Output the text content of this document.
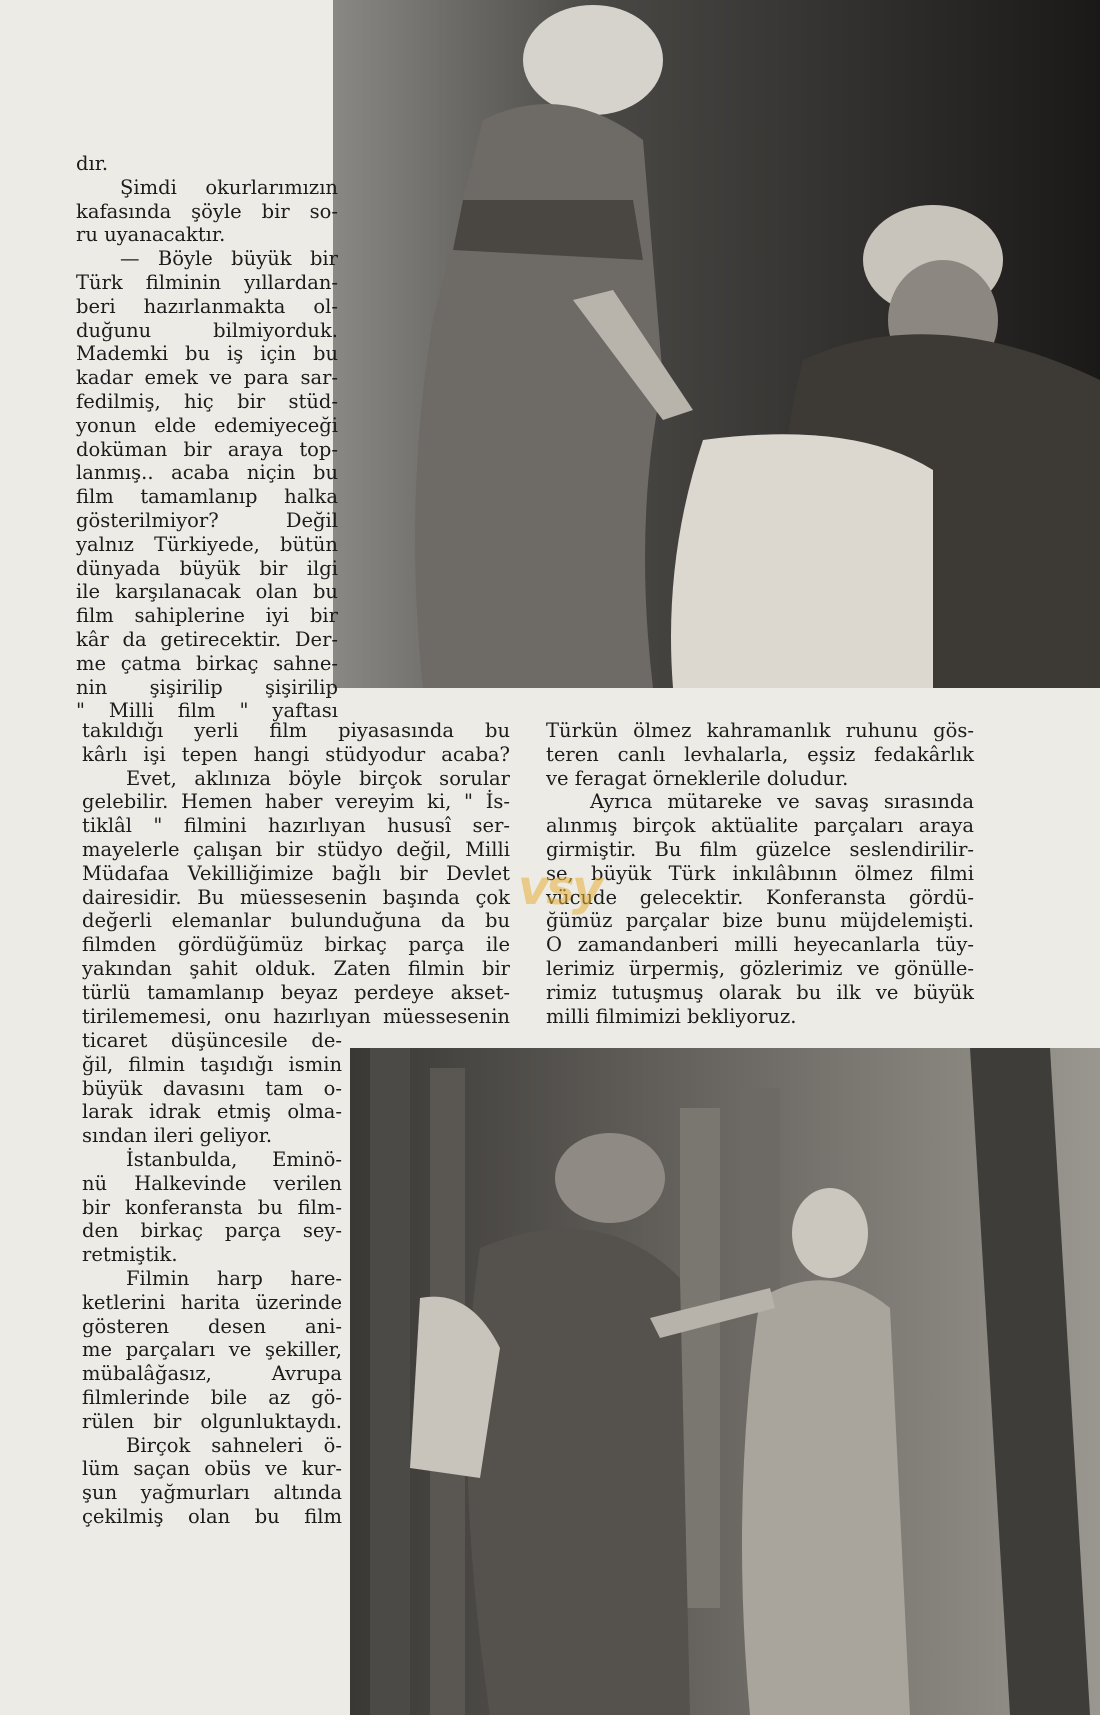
dır.

Şimdi okurlarımızın

kafasında şöyle bir so-

ru uyanacaktır.

— Böyle büyük bir

Türk filminin yıllardan-

beri hazırlanmakta ol-

duğunu bilmiyorduk.

Mademki bu iş için bu

kadar emek ve para sar-

fedilmiş, hiç bir stüd-

yonun elde edemiyeceği

doküman bir araya top-

lanmış.. acaba niçin bu

film tamamlanıp halka

gösterilmiyor? Değil

yalnız Türkiyede, bütün

dünyada büyük bir ilgi

ile karşılanacak olan bu

film sahiplerine iyi bir

kâr da getirecektir. Der-

me çatma birkaç sahne-

nin şişirilip şişirilip

" Milli film " yaftası

takıldığı yerli film piyasasında bu

kârlı işi tepen hangi stüdyodur acaba?

Evet, aklınıza böyle birçok sorular

gelebilir. Hemen haber vereyim ki, " İs-

tiklâl " filmini hazırlıyan hususî ser-

mayelerle çalışan bir stüdyo değil, Milli

Müdafaa Vekilliğimize bağlı bir Devlet

dairesidir. Bu müessesenin başında çok

değerli elemanlar bulunduğuna da bu

filmden gördüğümüz birkaç parça ile

yakından şahit olduk. Zaten filmin bir

türlü tamamlanıp beyaz perdeye akset-

tirilememesi, onu hazırlıyan müessesenin

ticaret düşüncesile de-

ğil, filmin taşıdığı ismin

büyük davasını tam o-

larak idrak etmiş olma-

sından ileri geliyor.

İstanbulda, Eminö-

nü Halkevinde verilen

bir konferansta bu film-

den birkaç parça sey-

retmiştik.

Filmin harp hare-

ketlerini harita üzerinde

gösteren desen ani-

me parçaları ve şekiller,

mübalâğasız, Avrupa

filmlerinde bile az gö-

rülen bir olgunluktaydı.

Birçok sahneleri ö-

lüm saçan obüs ve kur-

şun yağmurları altında

çekilmiş olan bu film

Türkün ölmez kahramanlık ruhunu gös-

teren canlı levhalarla, eşsiz fedakârlık

ve feragat örneklerile doludur.

Ayrıca mütareke ve savaş sırasında

alınmış birçok aktüalite parçaları araya

girmiştir. Bu film güzelce seslendirilir-

se, büyük Türk inkılâbının ölmez filmi

vücude gelecektir. Konferansta gördü-

ğümüz parçalar bize bunu müjdelemişti.

O zamandanberi milli heyecanlarla tüy-

lerimiz ürpermiş, gözlerimiz ve gönülle-

rimiz tutuşmuş olarak bu ilk ve büyük

milli filmimizi bekliyoruz.

vsy
